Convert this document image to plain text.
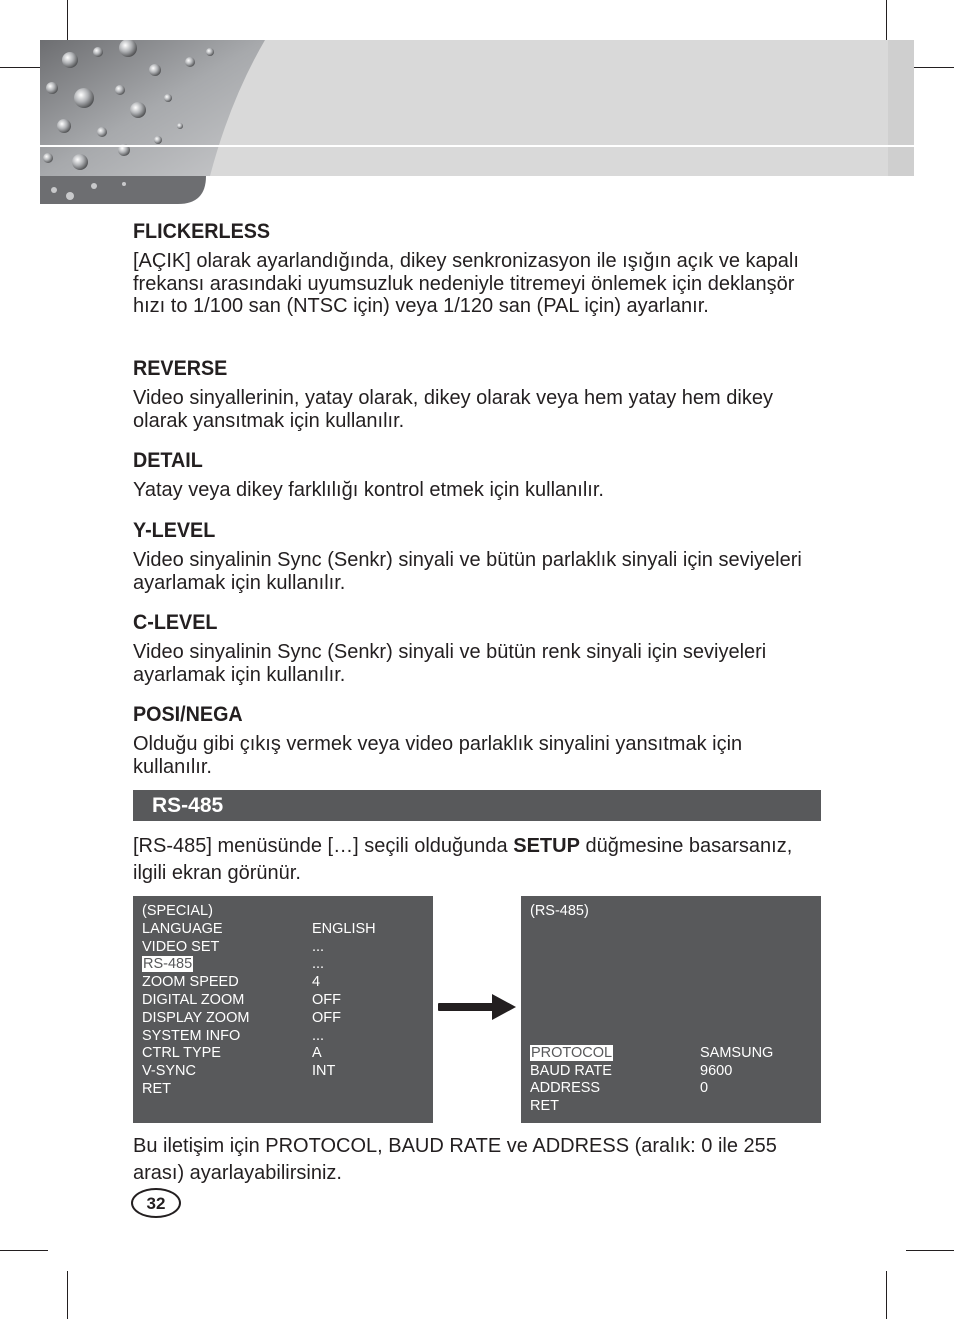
FLICKERLESS

[AÇIK] olarak ayarlandığında, dikey senkronizasyon ile ışığın açık ve kapalı frekansı arasındaki uyumsuzluk nedeniyle titremeyi önlemek için deklanşör hızı to 1/100 san (NTSC için) veya 1/120 san (PAL için) ayarlanır.

REVERSE

Video sinyallerinin, yatay olarak, dikey olarak veya hem yatay hem dikey olarak yansıtmak için kullanılır.

DETAIL

Yatay veya dikey farklılığı kontrol etmek için kullanılır.

Y-LEVEL

Video sinyalinin Sync (Senkr) sinyali ve bütün parlaklık sinyali için seviyeleri ayarlamak için kullanılır.

C-LEVEL

Video sinyalinin Sync (Senkr) sinyali ve bütün renk sinyali için seviyeleri ayarlamak için kullanılır.

POSI/NEGA

Olduğu gibi çıkış vermek veya video parlaklık sinyalini yansıtmak için kullanılır.

RS-485
[RS-485] menüsünde […] seçili olduğunda SETUP düğmesine basarsanız, ilgili ekran görünür.
(SPECIAL)
LANGUAGE	ENGLISH
VIDEO SET	...
RS-485	...
ZOOM SPEED	4
DIGITAL ZOOM	OFF
DISPLAY ZOOM	OFF
SYSTEM INFO	...
CTRL TYPE	A
V-SYNC	INT
RET
(RS-485)
PROTOCOL	SAMSUNG
BAUD RATE	9600
ADDRESS	0
RET
Bu iletişim için PROTOCOL, BAUD RATE ve ADDRESS (aralık: 0 ile 255 arası) ayarlayabilirsiniz.
32
